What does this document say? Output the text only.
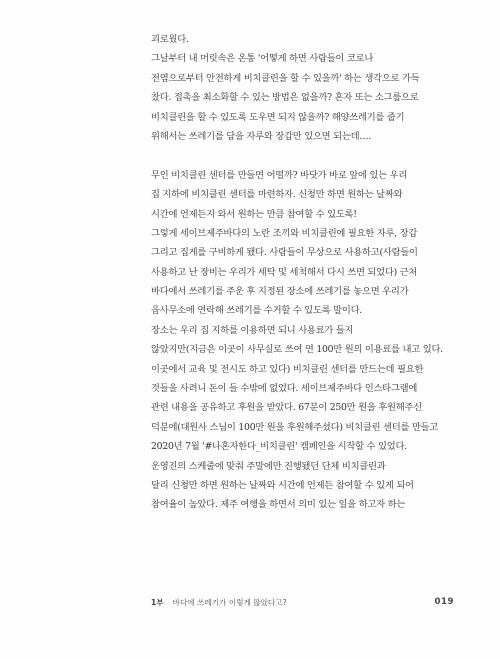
괴로웠다.
그날부터 내 머릿속은 온통 '어떻게 하면 사람들이 코로나
전염으로부터 안전하게 비치클린을 할 수 있을까' 하는 생각으로 가득
찼다. 접촉을 최소화할 수 있는 방법은 없을까? 혼자 또는 소그룹으로
비치클린을 할 수 있도록 도우면 되지 않을까? 해양쓰레기를 줍기
위해서는 쓰레기를 담을 자루와 장갑만 있으면 되는데….
무인 비치클린 센터를 만들면 어떨까? 바닷가 바로 앞에 있는 우리
집 지하에 비치클린 센터를 마련하자. 신청만 하면 원하는 날짜와
시간에 언제든지 와서 원하는 만큼 참여할 수 있도록!
그렇게 세이브제주바다의 노란 조끼와 비치클린에 필요한 자루, 장갑
그리고 집게를 구비하게 됐다. 사람들이 무상으로 사용하고(사람들이
사용하고 난 장비는 우리가 세탁 및 세척해서 다시 쓰면 되었다) 근처
바다에서 쓰레기를 주운 후 지정된 장소에 쓰레기를 놓으면 우리가
읍사무소에 연락해 쓰레기를 수거할 수 있도록 말이다.
장소는 우리 집 지하를 이용하면 되니 사용료가 들지
않았지만(지금은 이곳이 사무실로 쓰여 연 100만 원의 이용료를 내고 있다.
이곳에서 교육 및 전시도 하고 있다) 비치클린 센터를 만드는데 필요한
것들을 사려니 돈이 들 수밖에 없었다. 세이브제주바다 인스타그램에
관련 내용을 공유하고 후원을 받았다. 67분이 250만 원을 후원해주신
덕분에(대원사 스님이 100만 원을 후원해주셨다) 비치클린 센터를 만들고
2020년 7월 '#나혼자한다_비치클린' 캠페인을 시작할 수 있었다.
운영진의 스케줄에 맞춰 주말에만 진행됐던 단체 비치클린과
달리 신청만 하면 원하는 날짜와 시간에 언제든 참여할 수 있게 되어
참여율이 높았다. 제주 여행을 하면서 의미 있는 일을 하고자 하는
1부 바다에 쓰레기가 이렇게 많았다고?	019
